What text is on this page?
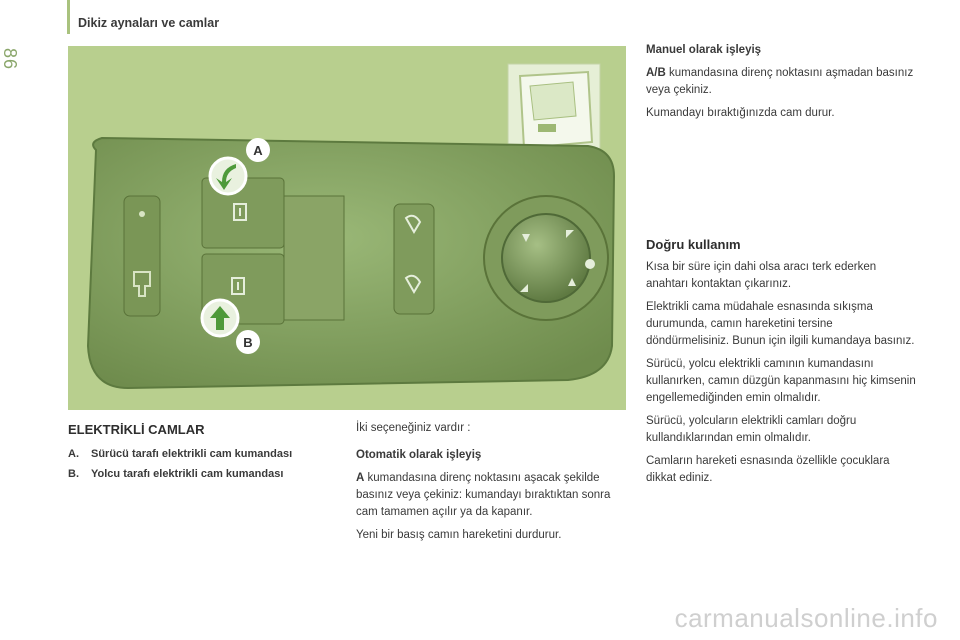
86
Dikiz aynaları ve camlar
A
B
ELEKTRİKLİ CAMLAR
A.	Sürücü tarafı elektrikli cam kumandası
B.	Yolcu tarafı elektrikli cam kumandası

İki seçeneğiniz vardır :

Otomatik olarak işleyiş

A kumandasına direnç noktasını aşacak şekilde basınız veya çekiniz: kumandayı bıraktıktan sonra cam tamamen açılır ya da kapanır.

Yeni bir basış camın hareketini durdurur.

Manuel olarak işleyiş

A/B kumandasına direnç noktasını aşmadan basınız veya çekiniz.

Kumandayı bıraktığınızda cam durur.

Doğru kullanım

Kısa bir süre için dahi olsa aracı terk ederken anahtarı kontaktan çıkarınız.

Elektrikli cama müdahale esnasında sıkışma durumunda, camın hareketini tersine döndürmelisiniz. Bunun için ilgili kumandaya basınız.

Sürücü, yolcu elektrikli camının kumandasını kullanırken, camın düzgün kapanmasını hiç kimsenin engellemediğinden emin olmalıdır.

Sürücü, yolcuların elektrikli camları doğru kullandıklarından emin olmalıdır.

Camların hareketi esnasında özellikle çocuklara dikkat ediniz.

carmanualsonline.info
